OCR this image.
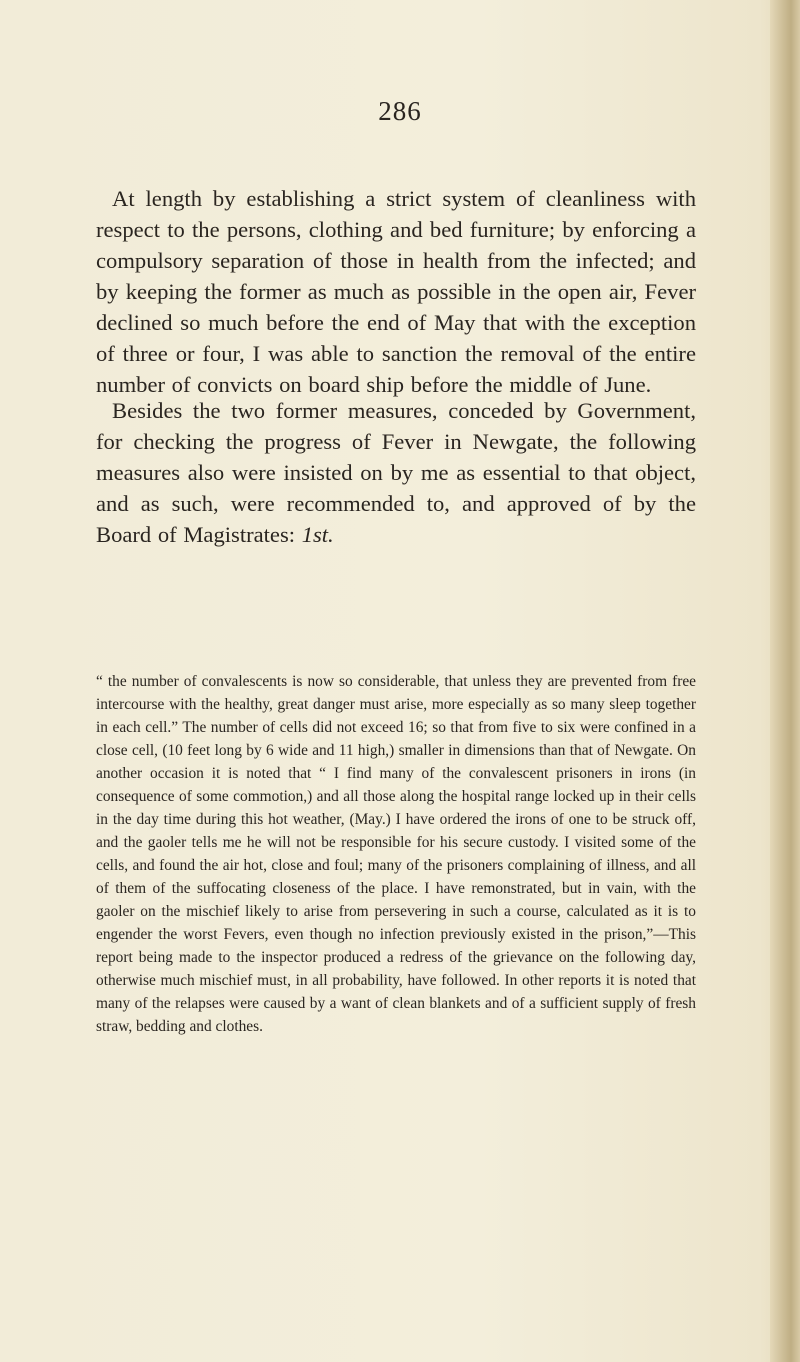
286

At length by establishing a strict system of cleanliness with respect to the persons, clothing and bed furniture; by enforcing a compulsory separation of those in health from the infected; and by keeping the former as much as possible in the open air, Fever declined so much before the end of May that with the exception of three or four, I was able to sanction the removal of the entire number of convicts on board ship before the middle of June.

Besides the two former measures, conceded by Government, for checking the progress of Fever in Newgate, the following measures also were insisted on by me as essential to that object, and as such, were recommended to, and approved of by the Board of Magistrates: 1st.

“ the number of convalescents is now so considerable, that unless they are prevented from free intercourse with the healthy, great danger must arise, more especially as so many sleep together in each cell.” The number of cells did not exceed 16; so that from five to six were confined in a close cell, (10 feet long by 6 wide and 11 high,) smaller in dimensions than that of Newgate. On another occasion it is noted that “ I find many of the convalescent prisoners in irons (in consequence of some commotion,) and all those along the hospital range locked up in their cells in the day time during this hot weather, (May.) I have ordered the irons of one to be struck off, and the gaoler tells me he will not be responsible for his secure custody. I visited some of the cells, and found the air hot, close and foul; many of the prisoners complaining of illness, and all of them of the suffocating closeness of the place. I have remonstrated, but in vain, with the gaoler on the mischief likely to arise from persevering in such a course, calculated as it is to engender the worst Fevers, even though no infection previously existed in the prison,”—This report being made to the inspector produced a redress of the grievance on the following day, otherwise much mischief must, in all probability, have followed. In other reports it is noted that many of the relapses were caused by a want of clean blankets and of a sufficient supply of fresh straw, bedding and clothes.
